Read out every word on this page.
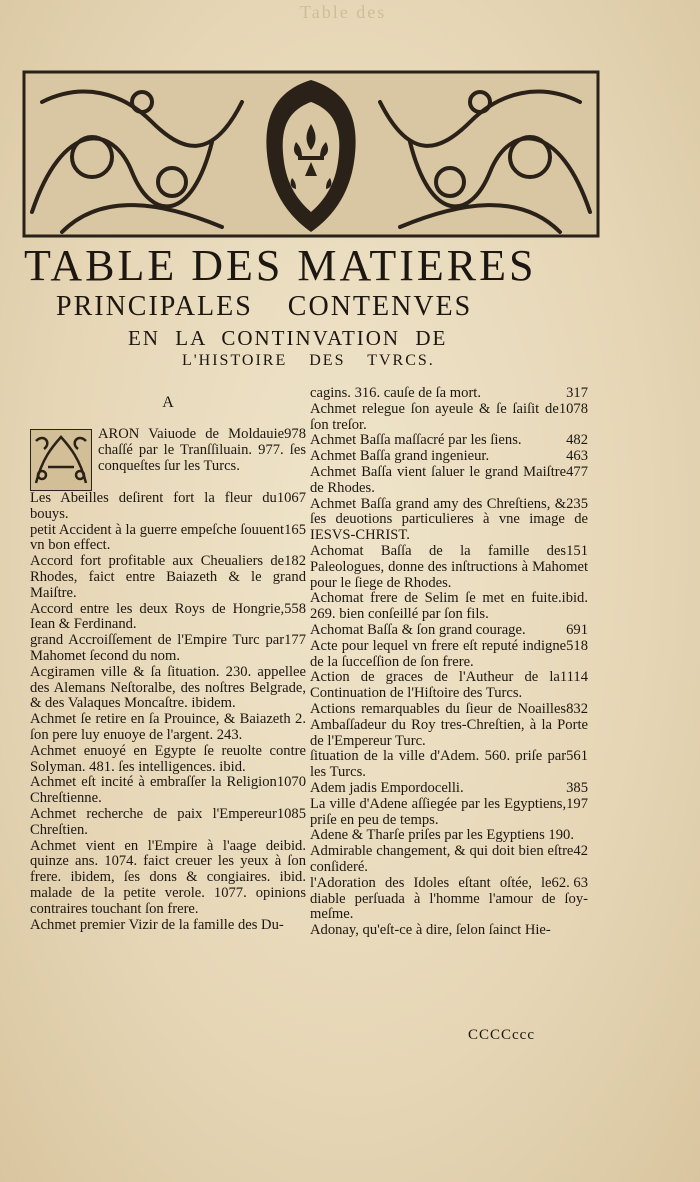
Table des
TABLE DES MATIERES
PRINCIPALES CONTENVES
EN LA CONTINVATION DE
L'HISTOIRE DES TVRCS.
A

978
ARON Vaiuode de Moldauie chaſſé par le Tranſſiluain. 977. ſes conqueſtes ſur les Turcs.

1067
Les Abeilles deſirent fort la fleur du bouys.

165
petit Accident à la guerre empeſche ſouuent vn bon effect.

182
Accord fort profitable aux Cheualiers de Rhodes, faict entre Baiazeth & le grand Maiſtre.

558
Accord entre les deux Roys de Hongrie, Iean & Ferdinand.

177
grand Accroiſſement de l'Empire Turc par Mahomet ſecond du nom.

Acgiramen ville & ſa ſituation. 230. appellee des Alemans Neſtoralbe, des noſtres Belgrade, & des Valaques Moncaſtre. ibidem.

Achmet ſe retire en ſa Prouince, & Baiazeth 2. ſon pere luy enuoye de l'argent. 243.

Achmet enuoyé en Egypte ſe reuolte contre Solyman. 481. ſes intelligences. ibid.

1070
Achmet eſt incité à embraſſer la Religion Chreſtienne.

1085
Achmet recherche de paix l'Empereur Chreſtien.

ibid.
Achmet vient en l'Empire à l'aage de quinze ans. 1074. faict creuer les yeux à ſon frere. ibidem, ſes dons & congiaires. ibid. malade de la petite verole. 1077. opinions contraires touchant ſon frere.

Achmet premier Vizir de la famille des Du-

317
cagins. 316. cauſe de ſa mort.

1078
Achmet relegue ſon ayeule & ſe ſaiſit de ſon treſor.

482
Achmet Baſſa maſſacré par les ſiens.

463
Achmet Baſſa grand ingenieur.

477
Achmet Baſſa vient ſaluer le grand Maiſtre de Rhodes.

235
Achmet Baſſa grand amy des Chreſtiens, & ſes deuotions particulieres à vne image de IESVS-CHRIST.

151
Achomat Baſſa de la famille des Paleologues, donne des inſtructions à Mahomet pour le ſiege de Rhodes.

ibid.
Achomat frere de Selim ſe met en fuite. 269. bien conſeillé par ſon fils.

691
Achomat Baſſa & ſon grand courage.

518
Acte pour lequel vn frere eſt reputé indigne de la ſucceſſion de ſon frere.

1114
Action de graces de l'Autheur de la Continuation de l'Hiſtoire des Turcs.

832
Actions remarquables du ſieur de Noailles Ambaſſadeur du Roy tres-Chreſtien, à la Porte de l'Empereur Turc.

561
ſituation de la ville d'Adem. 560. priſe par les Turcs.

385
Adem jadis Empordocelli.

197
La ville d'Adene aſſiegée par les Egyptiens, priſe en peu de temps.

Adene & Tharſe priſes par les Egyptiens 190.

42
Admirable changement, & qui doit bien eſtre conſideré.

62. 63
l'Adoration des Idoles eſtant oſtée, le diable perſuada à l'homme l'amour de ſoy-meſme.

Adonay, qu'eſt-ce à dire, ſelon ſainct Hie-

CCCCccc
